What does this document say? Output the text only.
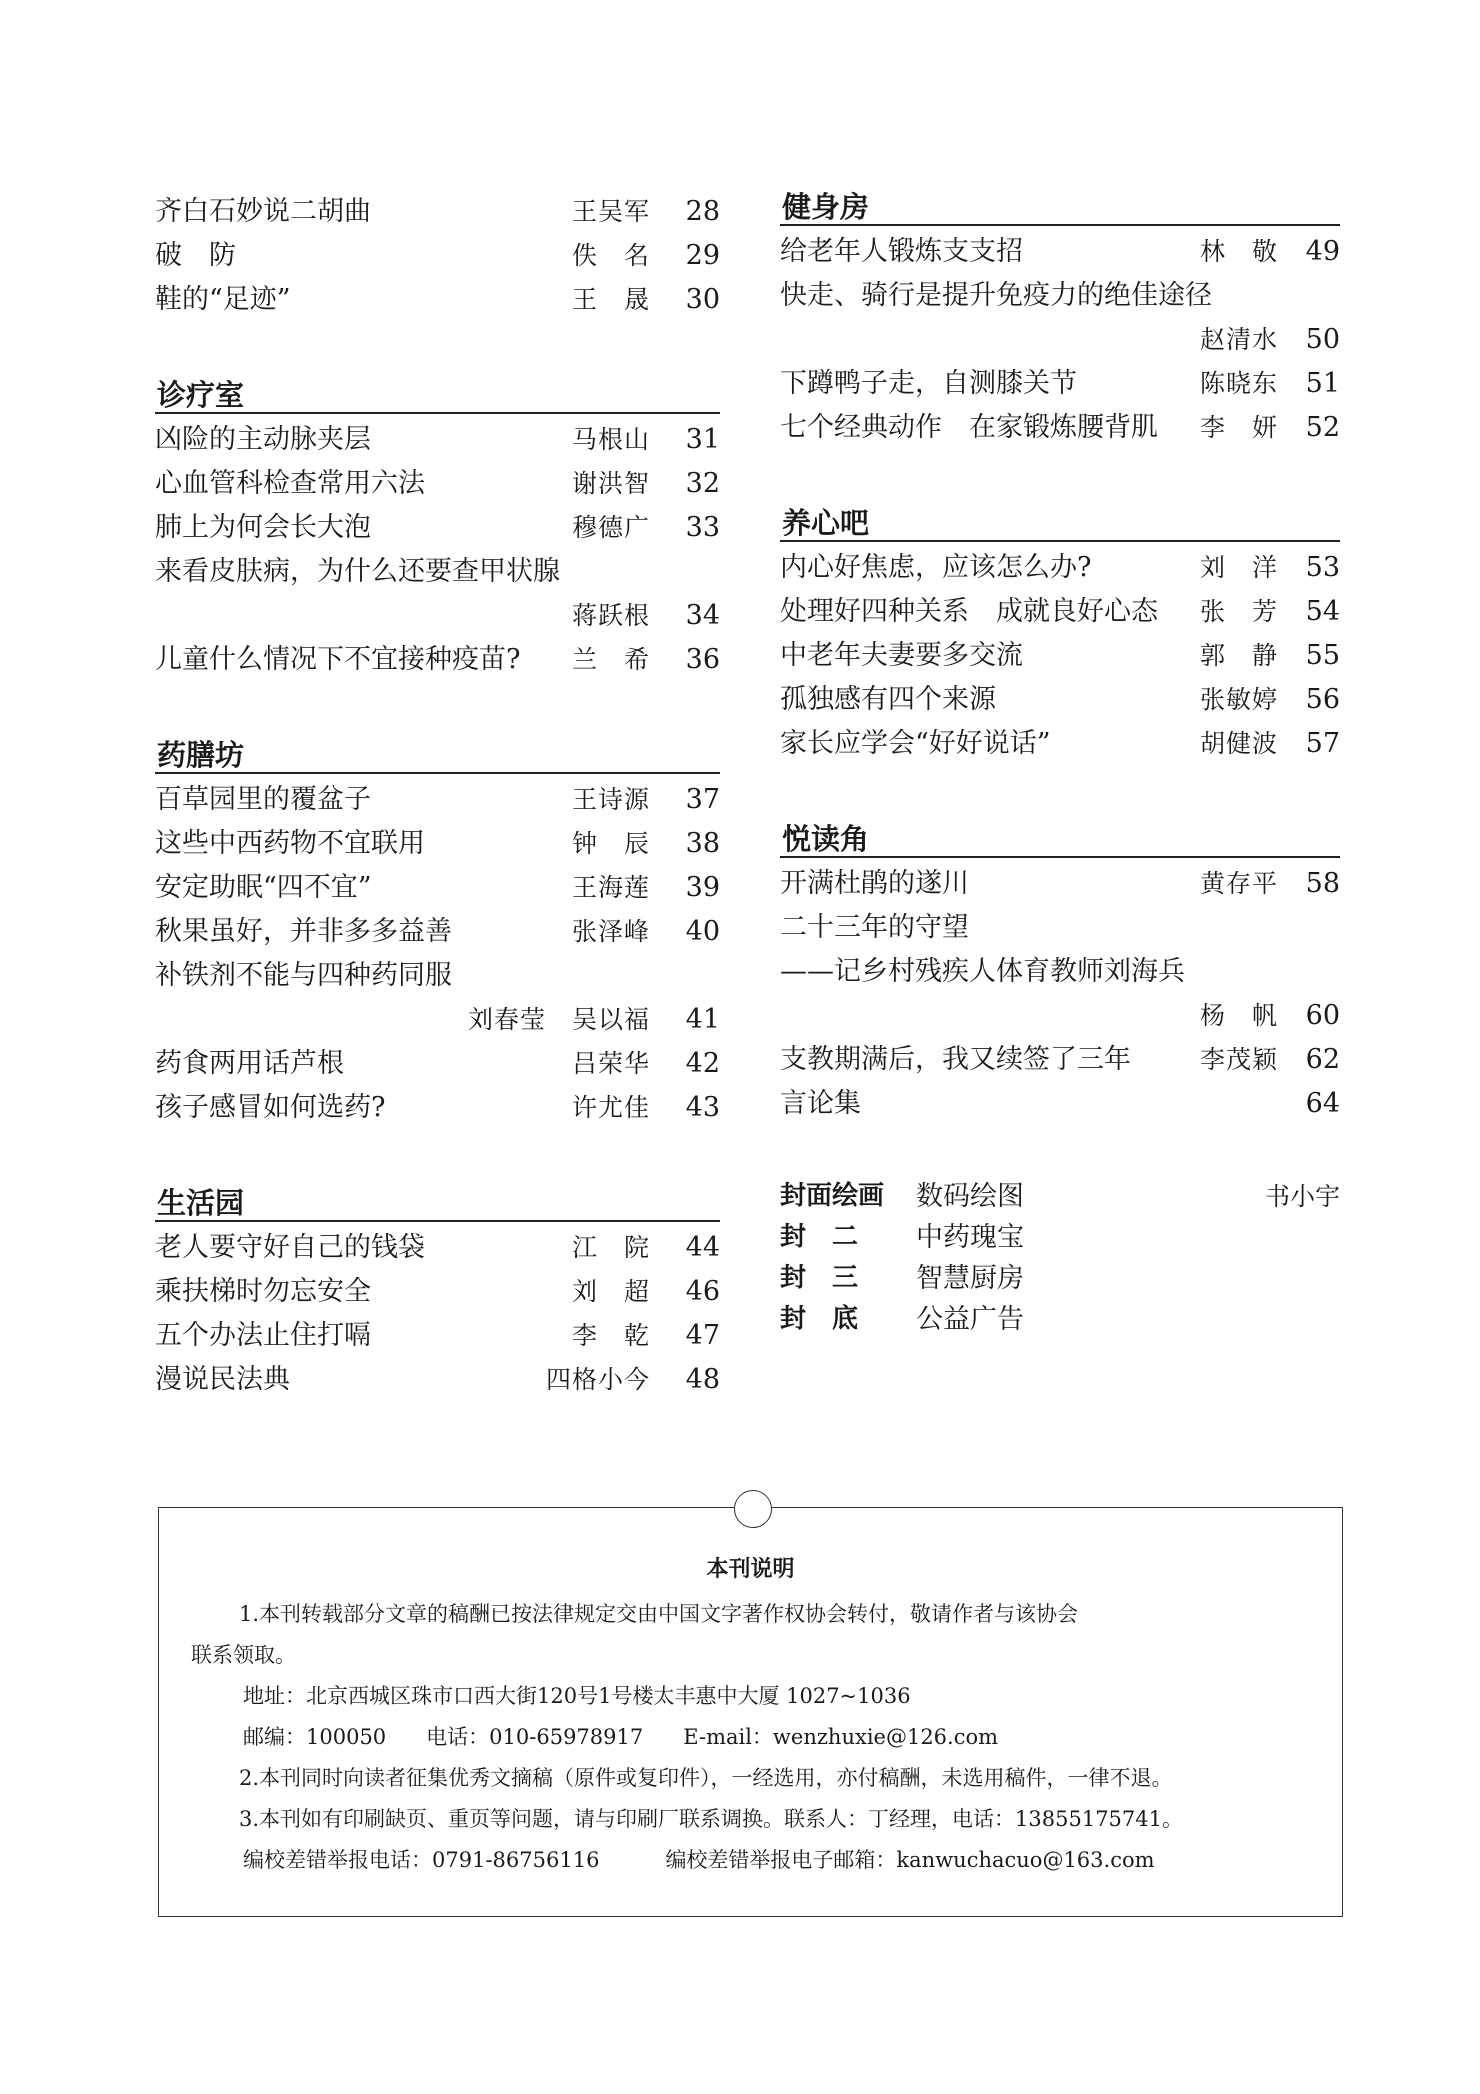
齐白石妙说二胡曲	王吴军 28
破　防	佚　名 29
鞋的“足迹”	王　晟 30
诊疗室
凶险的主动脉夹层	马根山 31
心血管科检查常用六法	谢洪智 32
肺上为何会长大泡	穆德广 33
来看皮肤病，为什么还要查甲状腺
蒋跃根 34
儿童什么情况下不宜接种疫苗? 兰　希 36
药膳坊
百草园里的覆盆子	王诗源 37
这些中西药物不宜联用	钟　辰 38
安定助眠“四不宜”	王海莲 39
秋果虽好，并非多多益善	张泽峰 40
补铁剂不能与四种药同服
刘春莹　吴以福 41
药食两用话芦根	吕荣华 42
孩子感冒如何选药?	许尤佳 43
生活园
老人要守好自己的钱袋	江　院 44
乘扶梯时勿忘安全	刘　超 46
五个办法止住打嗝	李　乾 47
漫说民法典	四格小今 48
健身房
给老年人锻炼支支招	林　敬 49
快走、骑行是提升免疫力的绝佳途径
赵清水 50
下蹲鸭子走，自测膝关节	陈晓东 51
七个经典动作　在家锻炼腰背肌 李　妍 52
养心吧
内心好焦虑，应该怎么办?	刘　洋 53
处理好四种关系　成就良好心态 张　芳 54
中老年夫妻要多交流	郭　静 55
孤独感有四个来源	张敏婷 56
家长应学会“好好说话”	胡健波 57
悦读角
开满杜鹃的遂川	黄存平 58
二十三年的守望
——记乡村残疾人体育教师刘海兵
杨　帆 60
支教期满后，我又续签了三年	李茂颖 62
言论集	64
封面绘画	数码绘图	书小宇
封　二	中药瑰宝
封　三	智慧厨房
封　底	公益广告
本刊说明
1.本刊转载部分文章的稿酬已按法律规定交由中国文字著作权协会转付，敬请作者与该协会
联系领取。
地址：北京西城区珠市口西大街120号1号楼太丰惠中大厦 1027~1036
邮编：100050 电话：010-65978917 E-mail：wenzhuxie@126.com
2.本刊同时向读者征集优秀文摘稿（原件或复印件），一经选用，亦付稿酬，未选用稿件，一律不退。
3.本刊如有印刷缺页、重页等问题，请与印刷厂联系调换。联系人：丁经理，电话：13855175741。
编校差错举报电话：0791-86756116	编校差错举报电子邮箱：kanwuchacuo@163.com
